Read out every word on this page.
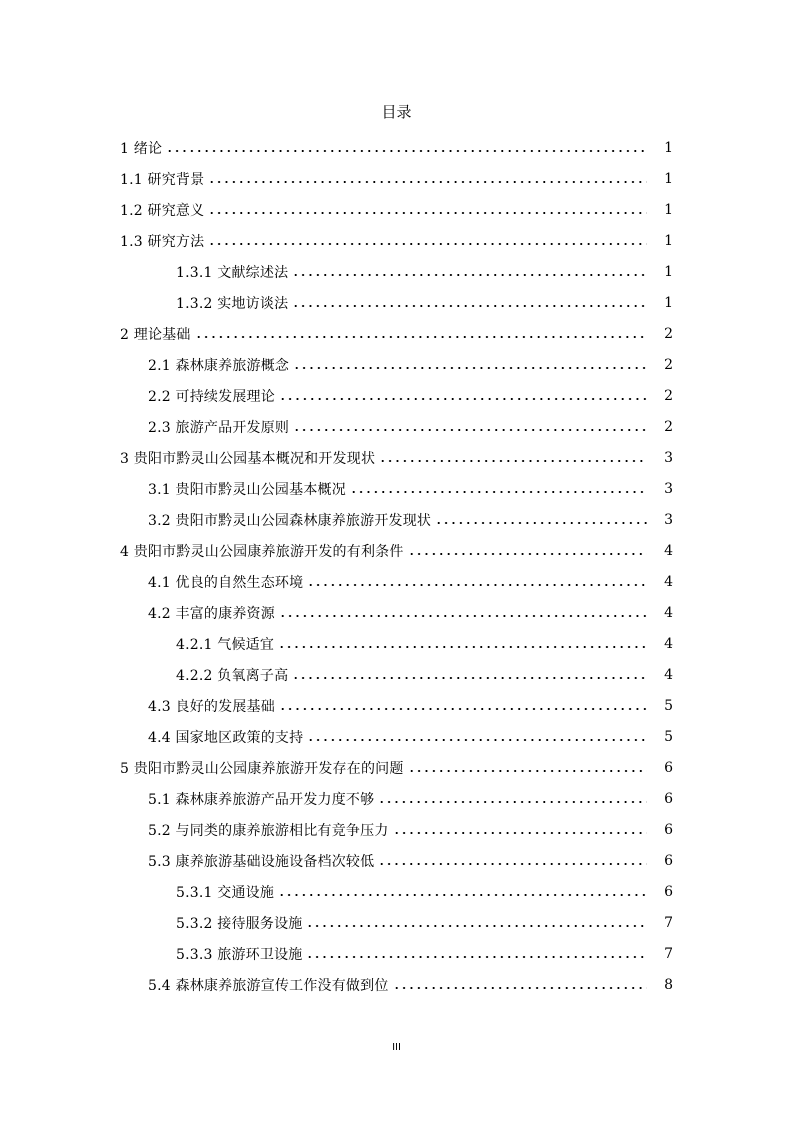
目录
1 绪论	1
1.1 研究背景	1
1.2 研究意义	1
1.3 研究方法	1
1.3.1 文献综述法	1
1.3.2 实地访谈法	1
2 理论基础	2
2.1 森林康养旅游概念	2
2.2 可持续发展理论	2
2.3 旅游产品开发原则	2
3 贵阳市黔灵山公园基本概况和开发现状	3
3.1 贵阳市黔灵山公园基本概况	3
3.2 贵阳市黔灵山公园森林康养旅游开发现状	3
4 贵阳市黔灵山公园康养旅游开发的有利条件	4
4.1 优良的自然生态环境	4
4.2 丰富的康养资源	4
4.2.1 气候适宜	4
4.2.2 负氧离子高	4
4.3 良好的发展基础	5
4.4 国家地区政策的支持	5
5 贵阳市黔灵山公园康养旅游开发存在的问题	6
5.1 森林康养旅游产品开发力度不够	6
5.2 与同类的康养旅游相比有竞争压力	6
5.3 康养旅游基础设施设备档次较低	6
5.3.1 交通设施	6
5.3.2 接待服务设施	7
5.3.3 旅游环卫设施	7
5.4 森林康养旅游宣传工作没有做到位	8
III
